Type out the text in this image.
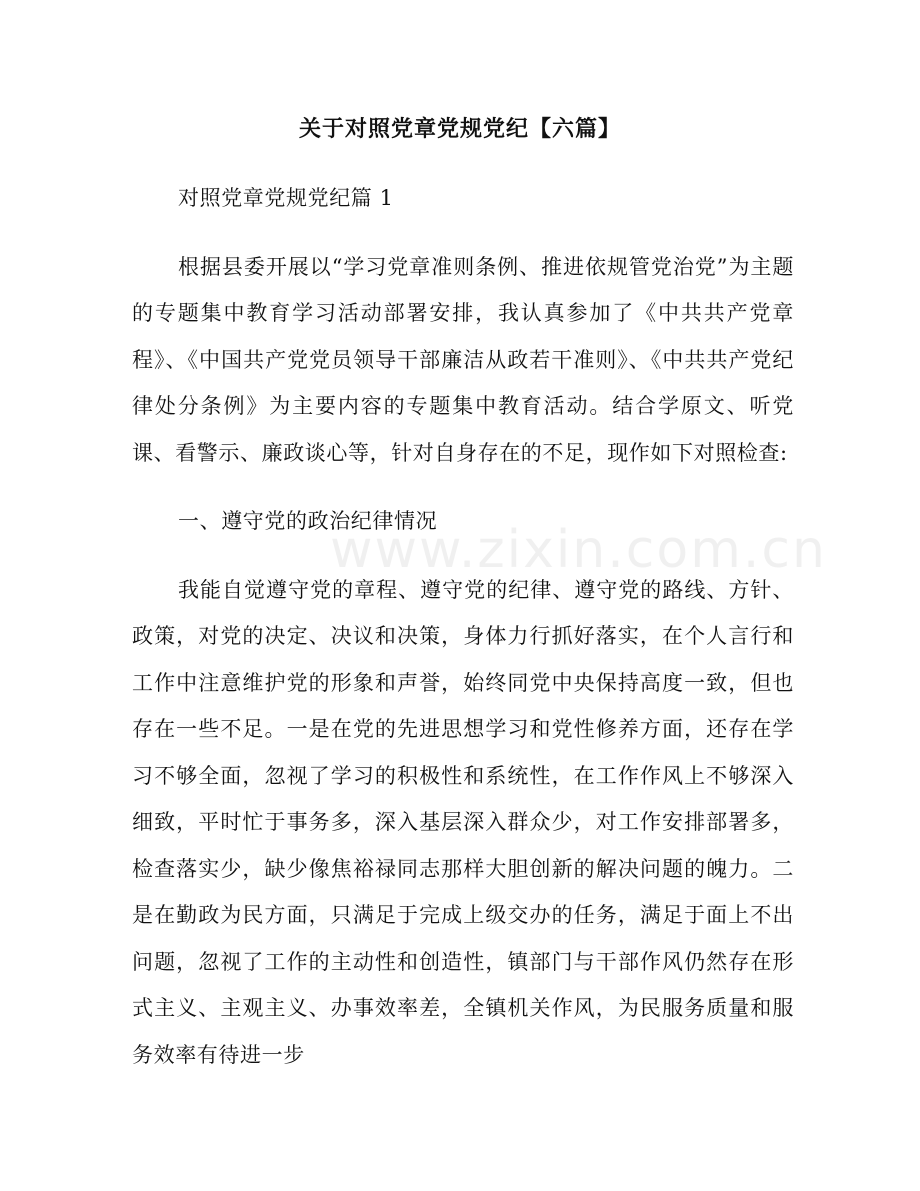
关于对照党章党规党纪【六篇】

对照党章党规党纪篇 1

根据县委开展以“学习党章准则条例、推进依规管党治党”为主题的专题集中教育学习活动部署安排，我认真参加了《中共共产党章程》、《中国共产党党员领导干部廉洁从政若干准则》、《中共共产党纪律处分条例》为主要内容的专题集中教育活动。结合学原文、听党课、看警示、廉政谈心等，针对自身存在的不足，现作如下对照检查:

一、遵守党的政治纪律情况

我能自觉遵守党的章程、遵守党的纪律、遵守党的路线、方针、政策，对党的决定、决议和决策，身体力行抓好落实，在个人言行和工作中注意维护党的形象和声誉，始终同党中央保持高度一致，但也存在一些不足。一是在党的先进思想学习和党性修养方面，还存在学习不够全面，忽视了学习的积极性和系统性，在工作作风上不够深入细致，平时忙于事务多，深入基层深入群众少，对工作安排部署多，检查落实少，缺少像焦裕禄同志那样大胆创新的解决问题的魄力。二是在勤政为民方面，只满足于完成上级交办的任务，满足于面上不出问题，忽视了工作的主动性和创造性，镇部门与干部作风仍然存在形式主义、主观主义、办事效率差，全镇机关作风，为民服务质量和服务效率有待进一步

www.zixin.com.cn
